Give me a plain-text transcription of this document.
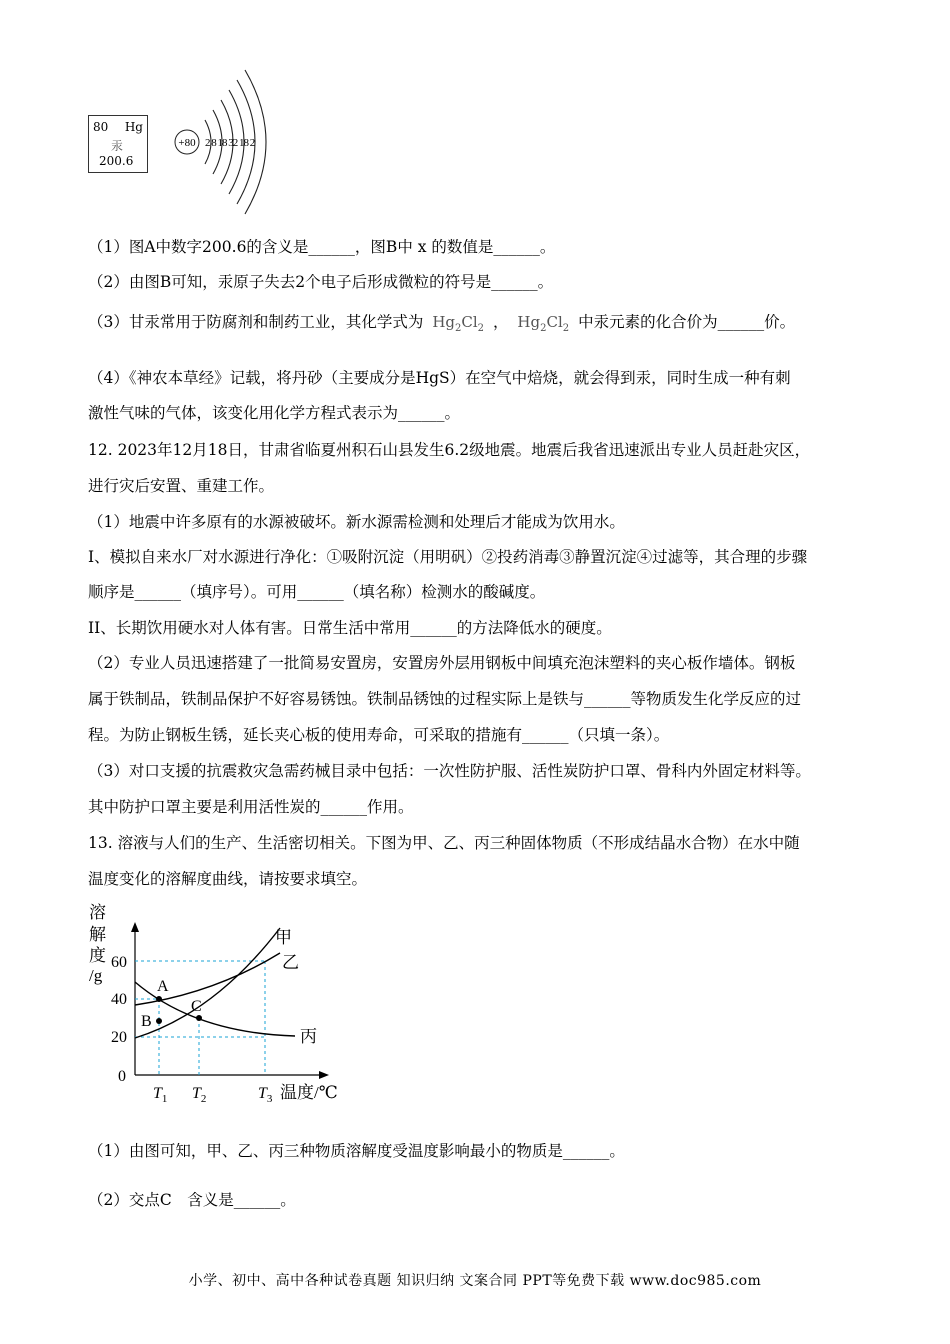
80 Hg
汞
200.6
+80 2 8 18 32 18 2
（1）图A中数字200.6的含义是______，图B中 x 的数值是______。
（2）由图B可知，汞原子失去2个电子后形成微粒的符号是______。
（3）甘汞常用于防腐剂和制药工业，其化学式为 $Hg_2Cl_2$ ， $Hg_2Cl_2$ 中汞元素的化合价为______价。
（4）《神农本草经》记载，将丹砂（主要成分是HgS）在空气中焙烧，就会得到汞，同时生成一种有刺
激性气味的气体，该变化用化学方程式表示为______。
12. 2023年12月18日，甘肃省临夏州积石山县发生6.2级地震。地震后我省迅速派出专业人员赶赴灾区，
进行灾后安置、重建工作。
（1）地震中许多原有的水源被破坏。新水源需检测和处理后才能成为饮用水。
I、模拟自来水厂对水源进行净化：①吸附沉淀（用明矾）②投药消毒③静置沉淀④过滤等，其合理的步骤
顺序是______（填序号）。可用______（填名称）检测水的酸碱度。
II、长期饮用硬水对人体有害。日常生活中常用______的方法降低水的硬度。
（2）专业人员迅速搭建了一批简易安置房，安置房外层用钢板中间填充泡沫塑料的夹心板作墙体。钢板
属于铁制品，铁制品保护不好容易锈蚀。铁制品锈蚀的过程实际上是铁与______等物质发生化学反应的过
程。为防止钢板生锈，延长夹心板的使用寿命，可采取的措施有______（只填一条）。
（3）对口支援的抗震救灾急需药械目录中包括：一次性防护服、活性炭防护口罩、骨科内外固定材料等。
其中防护口罩主要是利用活性炭的______作用。
13. 溶液与人们的生产、生活密切相关。下图为甲、乙、丙三种固体物质（不形成结晶水合物）在水中随
温度变化的溶解度曲线，请按要求填空。
溶
解
度
/g
0
20
40
60
甲
乙
丙
A
B
C
$T_1$ $T_2$	$T_3$ 温度/℃
（1）由图可知，甲、乙、丙三种物质溶解度受温度影响最小的物质是______。
（2）交点C　含义是______。
小学、初中、高中各种试卷真题 知识归纳 文案合同 PPT等免费下载 www.doc985.com
